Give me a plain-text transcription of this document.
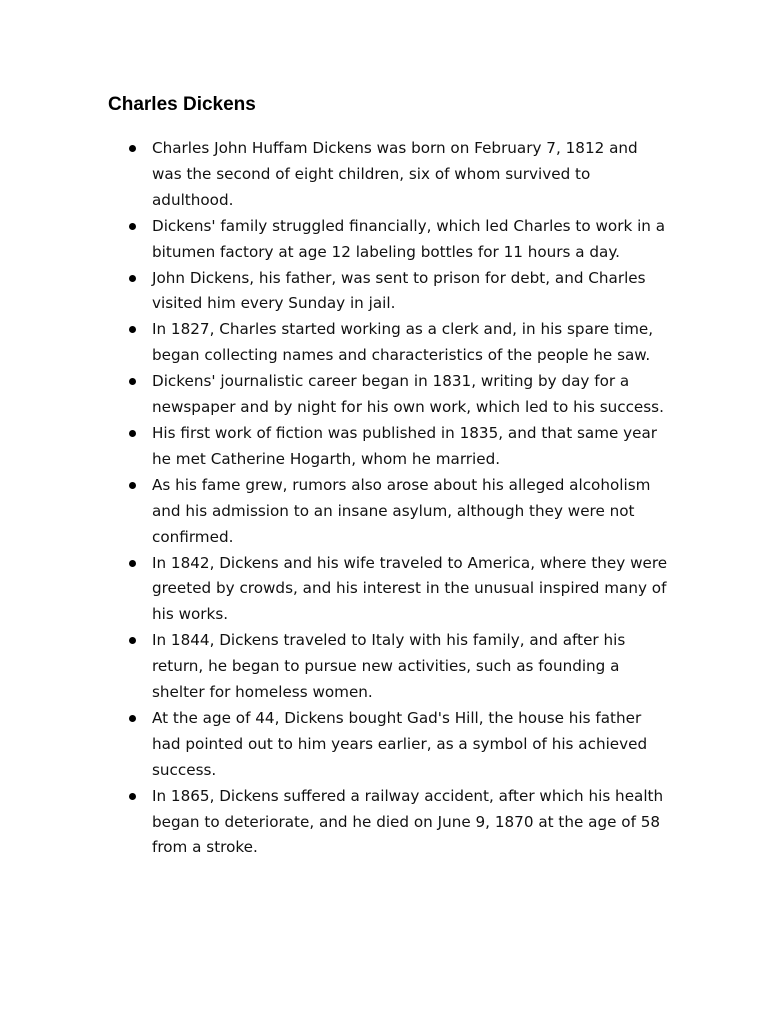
Charles Dickens
Charles John Huffam Dickens was born on February 7, 1812 and was the second of eight children, six of whom survived to adulthood.
Dickens' family struggled financially, which led Charles to work in a bitumen factory at age 12 labeling bottles for 11 hours a day.
John Dickens, his father, was sent to prison for debt, and Charles visited him every Sunday in jail.
In 1827, Charles started working as a clerk and, in his spare time, began collecting names and characteristics of the people he saw.
Dickens' journalistic career began in 1831, writing by day for a newspaper and by night for his own work, which led to his success.
His first work of fiction was published in 1835, and that same year he met Catherine Hogarth, whom he married.
As his fame grew, rumors also arose about his alleged alcoholism and his admission to an insane asylum, although they were not confirmed.
In 1842, Dickens and his wife traveled to America, where they were greeted by crowds, and his interest in the unusual inspired many of his works.
In 1844, Dickens traveled to Italy with his family, and after his return, he began to pursue new activities, such as founding a shelter for homeless women.
At the age of 44, Dickens bought Gad's Hill, the house his father had pointed out to him years earlier, as a symbol of his achieved success.
In 1865, Dickens suffered a railway accident, after which his health began to deteriorate, and he died on June 9, 1870 at the age of 58 from a stroke.
